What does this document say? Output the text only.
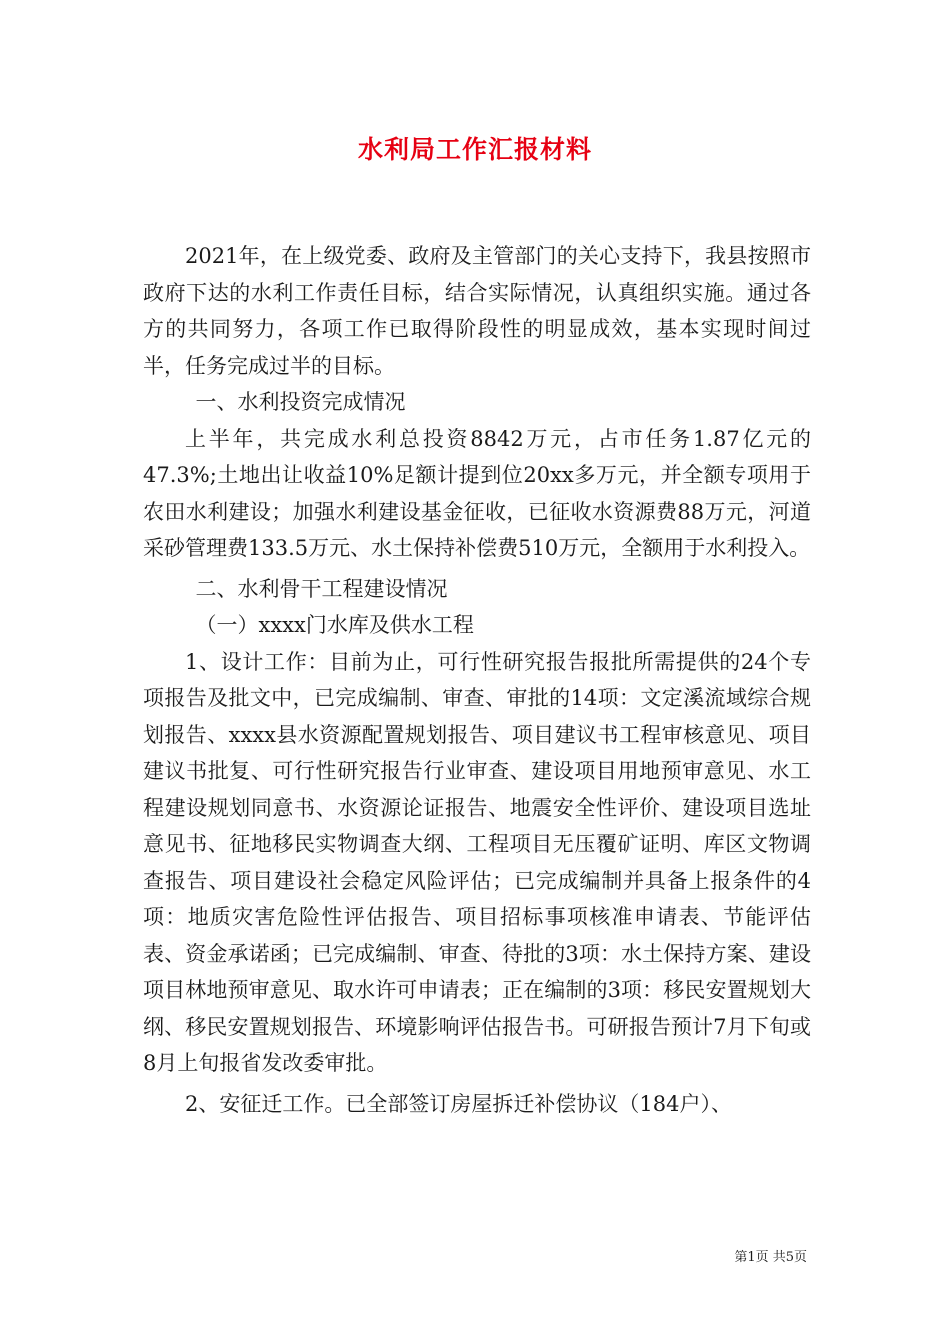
水利局工作汇报材料

2021年，在上级党委、政府及主管部门的关心支持下，我县按照市政府下达的水利工作责任目标，结合实际情况，认真组织实施。通过各方的共同努力，各项工作已取得阶段性的明显成效，基本实现时间过半，任务完成过半的目标。

一、水利投资完成情况

上半年，共完成水利总投资8842万元，占市任务1.87亿元的47.3%;土地出让收益10%足额计提到位20xx多万元，并全额专项用于农田水利建设；加强水利建设基金征收，已征收水资源费88万元，河道采砂管理费133.5万元、水土保持补偿费510万元，全额用于水利投入。

二、水利骨干工程建设情况

（一）xxxx门水库及供水工程

1、设计工作：目前为止，可行性研究报告报批所需提供的24个专项报告及批文中，已完成编制、审查、审批的14项：文定溪流域综合规划报告、xxxx县水资源配置规划报告、项目建议书工程审核意见、项目建议书批复、可行性研究报告行业审查、建设项目用地预审意见、水工程建设规划同意书、水资源论证报告、地震安全性评价、建设项目选址意见书、征地移民实物调查大纲、工程项目无压覆矿证明、库区文物调查报告、项目建设社会稳定风险评估；已完成编制并具备上报条件的4项：地质灾害危险性评估报告、项目招标事项核准申请表、节能评估表、资金承诺函；已完成编制、审查、待批的3项：水土保持方案、建设项目林地预审意见、取水许可申请表；正在编制的3项：移民安置规划大纲、移民安置规划报告、环境影响评估报告书。可研报告预计7月下旬或8月上旬报省发改委审批。

2、安征迁工作。已全部签订房屋拆迁补偿协议（184户）、

第1页 共5页
